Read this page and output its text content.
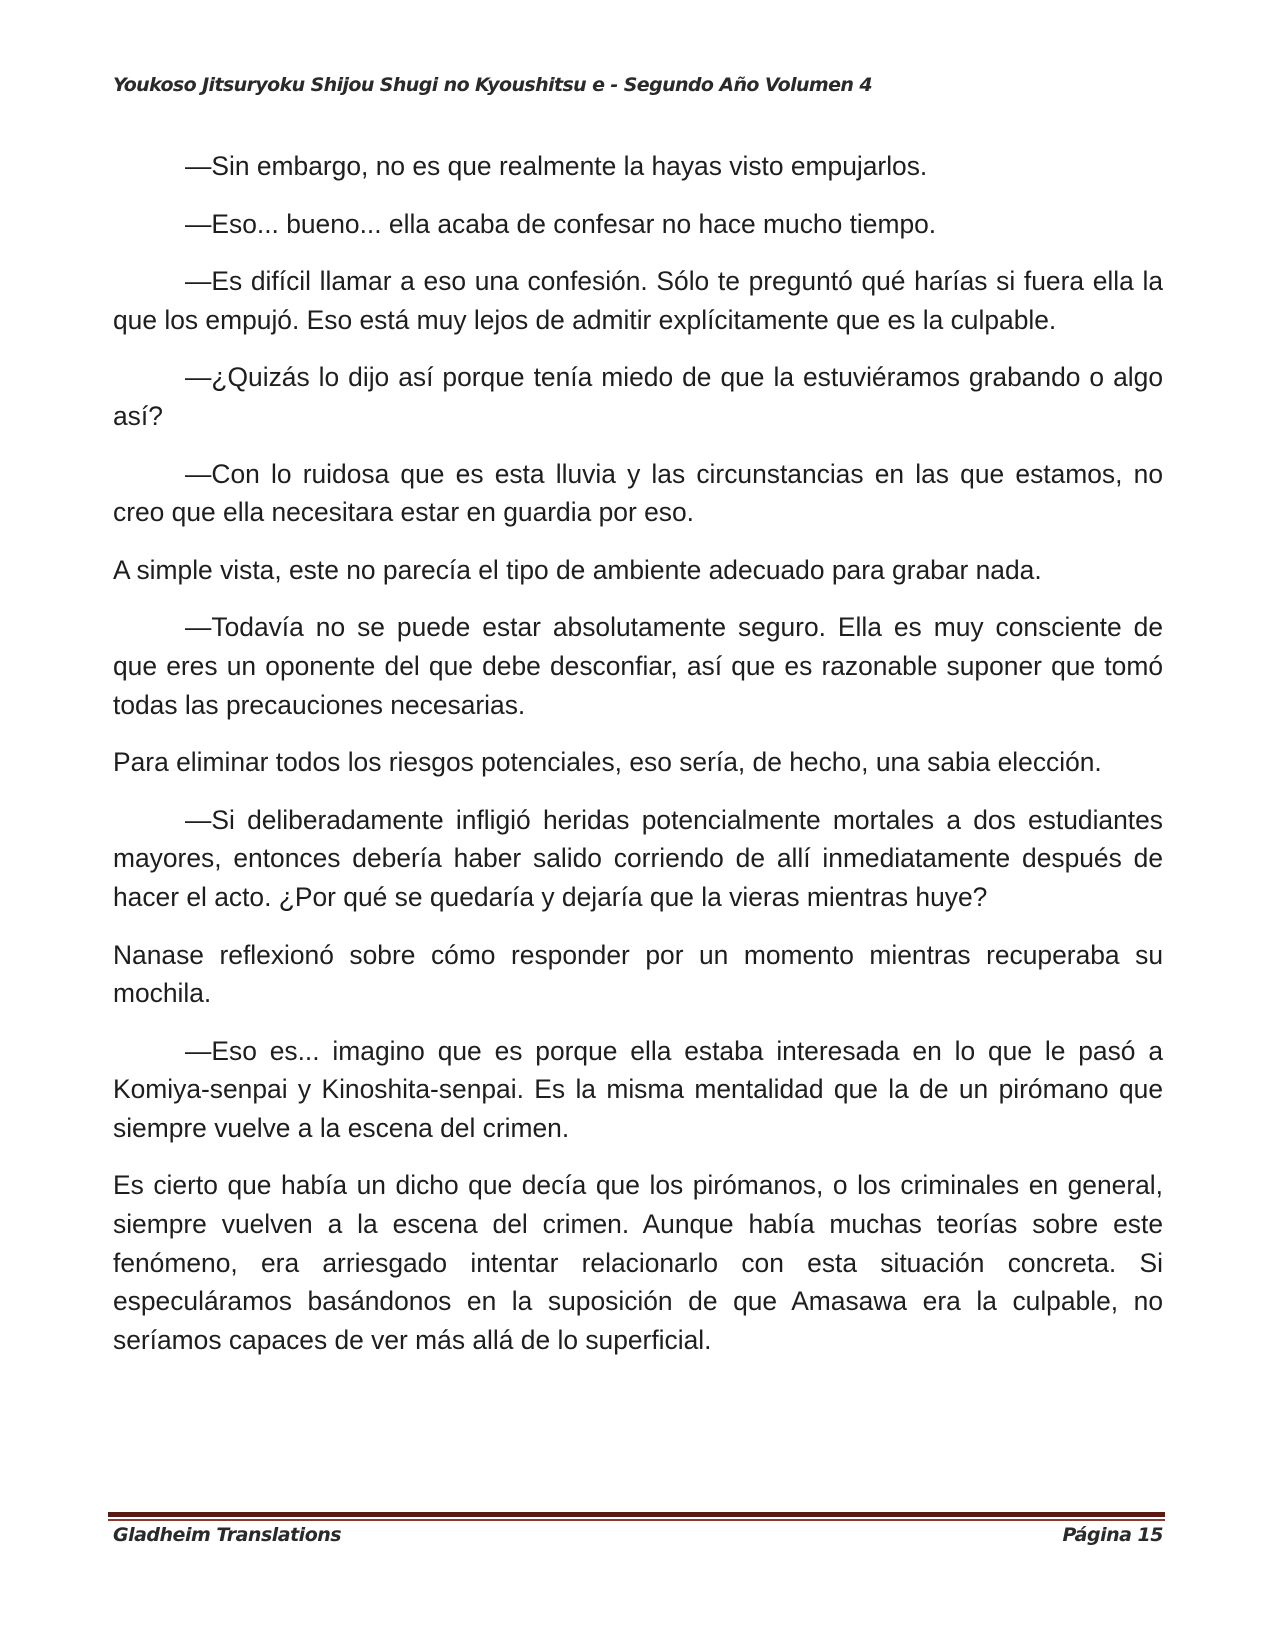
Youkoso Jitsuryoku Shijou Shugi no Kyoushitsu e - Segundo Año Volumen 4

—Sin embargo, no es que realmente la hayas visto empujarlos.

—Eso... bueno... ella acaba de confesar no hace mucho tiempo.

—Es difícil llamar a eso una confesión. Sólo te preguntó qué harías si fuera ella la que los empujó. Eso está muy lejos de admitir explícitamente que es la culpable.

—¿Quizás lo dijo así porque tenía miedo de que la estuviéramos grabando o algo así?

—Con lo ruidosa que es esta lluvia y las circunstancias en las que estamos, no creo que ella necesitara estar en guardia por eso.

A simple vista, este no parecía el tipo de ambiente adecuado para grabar nada.

—Todavía no se puede estar absolutamente seguro. Ella es muy consciente de que eres un oponente del que debe desconfiar, así que es razonable suponer que tomó todas las precauciones necesarias.

Para eliminar todos los riesgos potenciales, eso sería, de hecho, una sabia elección.

—Si deliberadamente infligió heridas potencialmente mortales a dos estudiantes mayores, entonces debería haber salido corriendo de allí inmediatamente después de hacer el acto. ¿Por qué se quedaría y dejaría que la vieras mientras huye?

Nanase reflexionó sobre cómo responder por un momento mientras recuperaba su mochila.

—Eso es... imagino que es porque ella estaba interesada en lo que le pasó a Komiya-senpai y Kinoshita-senpai. Es la misma mentalidad que la de un pirómano que siempre vuelve a la escena del crimen.

Es cierto que había un dicho que decía que los pirómanos, o los criminales en general, siempre vuelven a la escena del crimen. Aunque había muchas teorías sobre este fenómeno, era arriesgado intentar relacionarlo con esta situación concreta. Si especuláramos basándonos en la suposición de que Amasawa era la culpable, no seríamos capaces de ver más allá de lo superficial.

Gladheim Translations	Página 15
